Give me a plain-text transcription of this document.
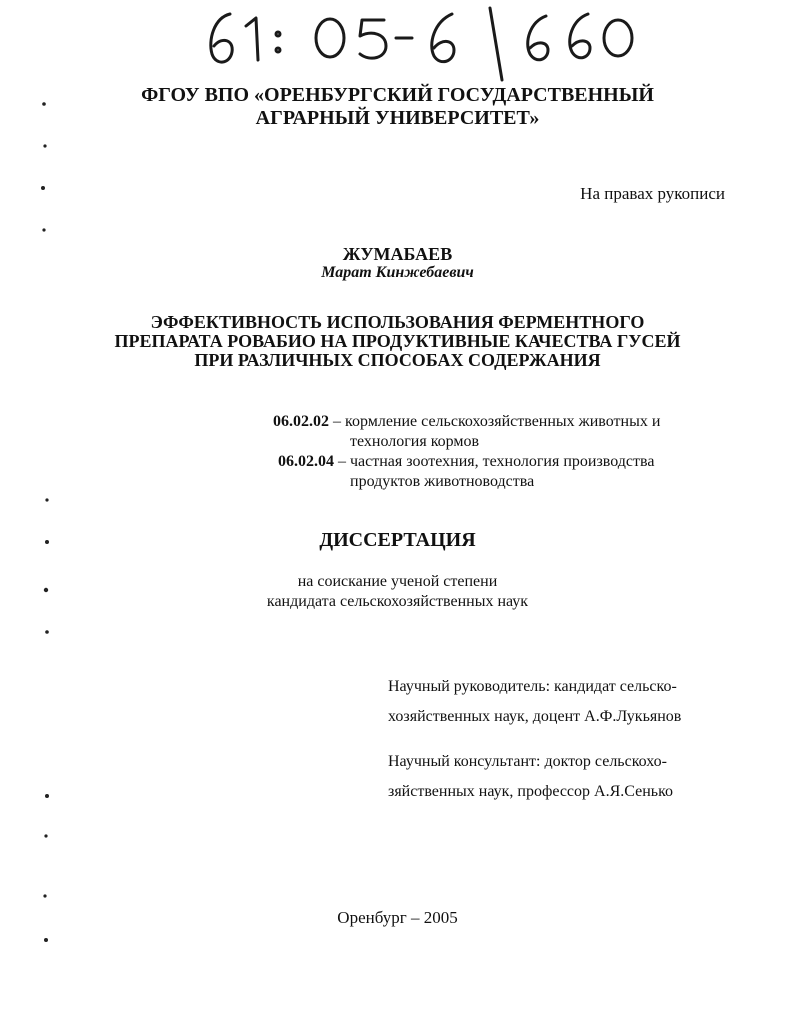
ФГОУ ВПО «ОРЕНБУРГСКИЙ ГОСУДАРСТВЕННЫЙ
АГРАРНЫЙ УНИВЕРСИТЕТ»
На правах рукописи
ЖУМАБАЕВ
Марат Кинжебаевич
ЭФФЕКТИВНОСТЬ ИСПОЛЬЗОВАНИЯ ФЕРМЕНТНОГО
ПРЕПАРАТА РОВАБИО НА ПРОДУКТИВНЫЕ КАЧЕСТВА ГУСЕЙ
ПРИ РАЗЛИЧНЫХ СПОСОБАХ СОДЕРЖАНИЯ
06.02.02 – кормление сельскохозяйственных животных и
технология кормов
06.02.04 – частная зоотехния, технология производства
продуктов животноводства
ДИССЕРТАЦИЯ
на соискание ученой степени
кандидата сельскохозяйственных наук
Научный руководитель: кандидат сельско-
хозяйственных наук, доцент А.Ф.Лукьянов
Научный консультант: доктор сельскохо-
зяйственных наук, профессор А.Я.Сенько
Оренбург – 2005
